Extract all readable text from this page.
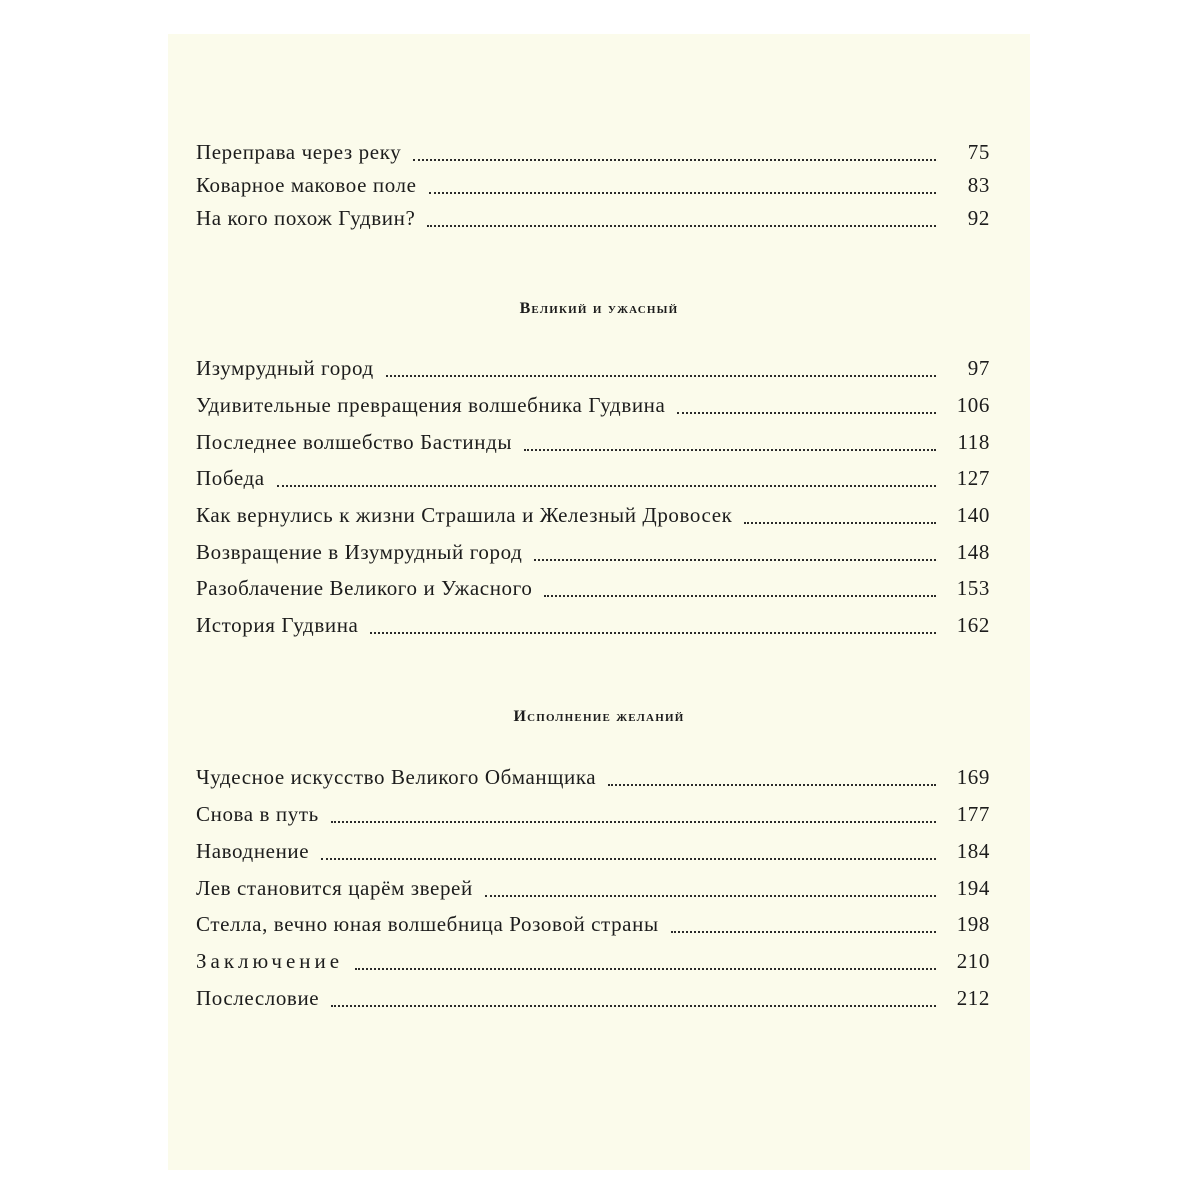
Переправа через реку	75
Коварное маковое поле	83
На кого похож Гудвин?	92
Великий и ужасный
Изумрудный город	97
Удивительные превращения волшебника Гудвина	106
Последнее волшебство Бастинды	118
Победа	127
Как вернулись к жизни Страшила и Железный Дровосек	140
Возвращение в Изумрудный город	148
Разоблачение Великого и Ужасного	153
История Гудвина	162
Исполнение желаний
Чудесное искусство Великого Обманщика	169
Снова в путь	177
Наводнение	184
Лев становится царём зверей	194
Стелла, вечно юная волшебница Розовой страны	198
Заключение	210
Послесловие	212
